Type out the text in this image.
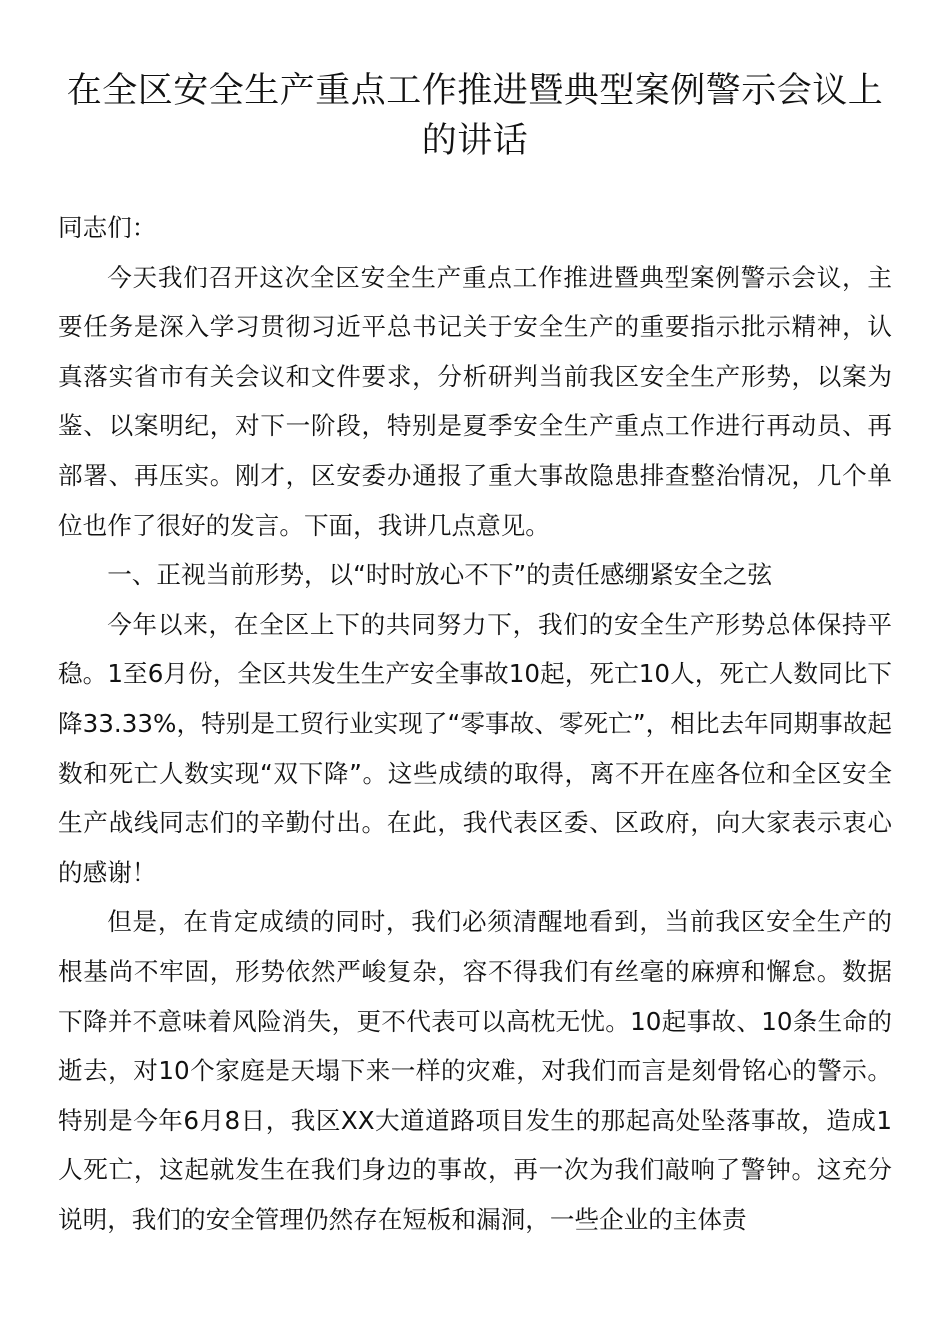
在全区安全生产重点工作推进暨典型案例警示会议上的讲话

同志们：

今天我们召开这次全区安全生产重点工作推进暨典型案例警示会议，主要任务是深入学习贯彻习近平总书记关于安全生产的重要指示批示精神，认真落实省市有关会议和文件要求，分析研判当前我区安全生产形势，以案为鉴、以案明纪，对下一阶段，特别是夏季安全生产重点工作进行再动员、再部署、再压实。刚才，区安委办通报了重大事故隐患排查整治情况，几个单位也作了很好的发言。下面，我讲几点意见。

一、正视当前形势，以“时时放心不下”的责任感绷紧安全之弦

今年以来，在全区上下的共同努力下，我们的安全生产形势总体保持平稳。1至6月份，全区共发生生产安全事故10起，死亡10人，死亡人数同比下降33.33%，特别是工贸行业实现了“零事故、零死亡”，相比去年同期事故起数和死亡人数实现“双下降”。这些成绩的取得，离不开在座各位和全区安全生产战线同志们的辛勤付出。在此，我代表区委、区政府，向大家表示衷心的感谢！

但是，在肯定成绩的同时，我们必须清醒地看到，当前我区安全生产的根基尚不牢固，形势依然严峻复杂，容不得我们有丝毫的麻痹和懈怠。数据下降并不意味着风险消失，更不代表可以高枕无忧。10起事故、10条生命的逝去，对10个家庭是天塌下来一样的灾难，对我们而言是刻骨铭心的警示。特别是今年6月8日，我区XX大道道路项目发生的那起高处坠落事故，造成1人死亡，这起就发生在我们身边的事故，再一次为我们敲响了警钟。这充分说明，我们的安全管理仍然存在短板和漏洞，一些企业的主体责
